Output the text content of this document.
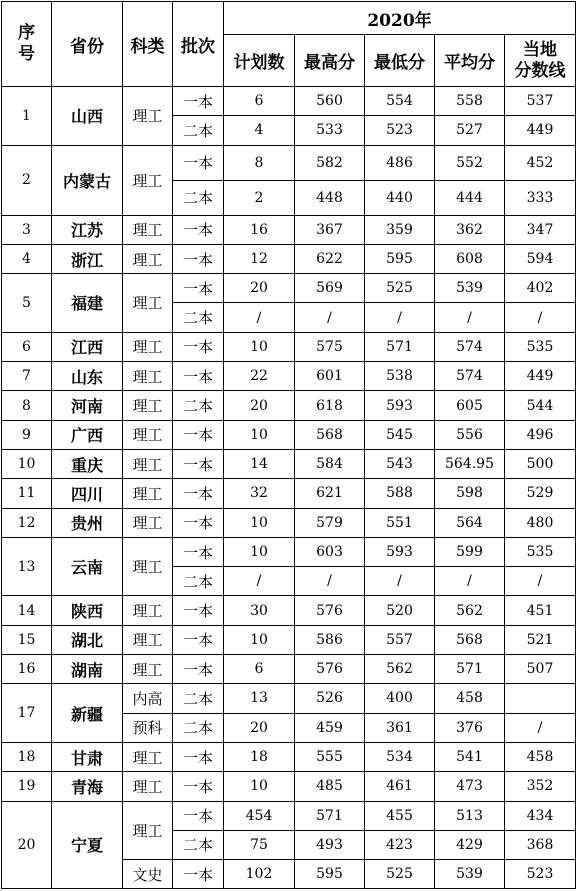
序
号	省份	科类	批次	2020年				
				计划数	最高分	最低分	平均分	当地
分数线
1	山西	理工	一本	6	560	554	558	537
			二本	4	533	523	527	449
2	内蒙古	理工	一本	8	582	486	552	452
			二本	2	448	440	444	333
3	江苏	理工	一本	16	367	359	362	347
4	浙江	理工	一本	12	622	595	608	594
5	福建	理工	一本	20	569	525	539	402
			二本	/	/	/	/	/
6	江西	理工	一本	10	575	571	574	535
7	山东	理工	一本	22	601	538	574	449
8	河南	理工	二本	20	618	593	605	544
9	广西	理工	一本	10	568	545	556	496
10	重庆	理工	一本	14	584	543	564.95	500
11	四川	理工	一本	32	621	588	598	529
12	贵州	理工	一本	10	579	551	564	480
13	云南	理工	一本	10	603	593	599	535
			二本	/	/	/	/	/
14	陕西	理工	一本	30	576	520	562	451
15	湖北	理工	一本	10	586	557	568	521
16	湖南	理工	一本	6	576	562	571	507
17	新疆	内高	二本	13	526	400	458	
		预科	二本	20	459	361	376	/
18	甘肃	理工	一本	18	555	534	541	458
19	青海	理工	一本	10	485	461	473	352
20	宁夏	理工	一本	454	571	455	513	434
			二本	75	493	423	429	368
		文史	一本	102	595	525	539	523
